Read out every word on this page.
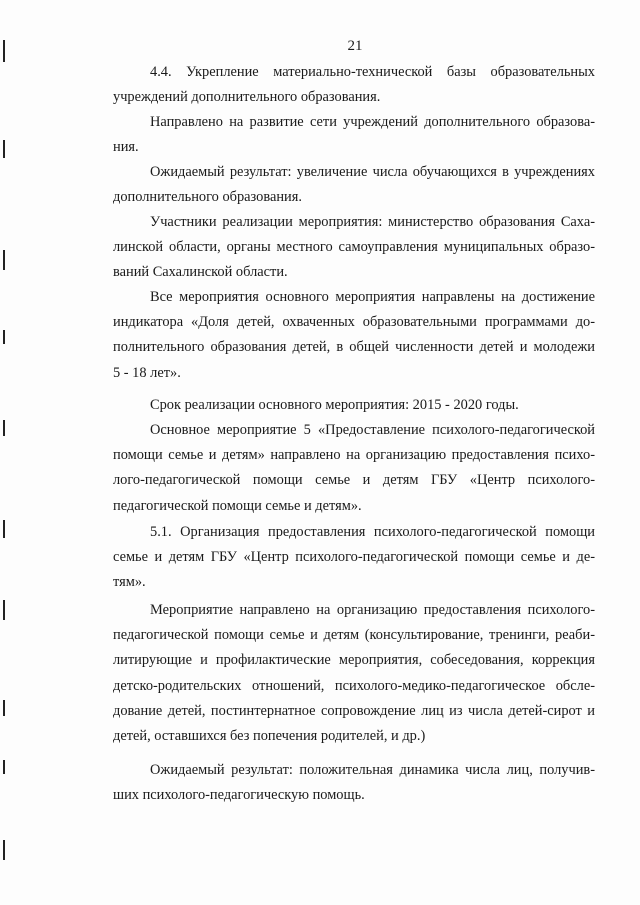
21
4.4. Укрепление материально-технической базы образовательных
учреждений дополнительного образования.
Направлено на развитие сети учреждений дополнительного образова-
ния.
Ожидаемый результат: увеличение числа обучающихся в учреждениях
дополнительного образования.
Участники реализации мероприятия: министерство образования Саха-
линской области, органы местного самоуправления муниципальных образо-
ваний Сахалинской области.
Все мероприятия основного мероприятия направлены на достижение
индикатора «Доля детей, охваченных образовательными программами до-
полнительного образования детей, в общей численности детей и молодежи
5 - 18 лет».
Срок реализации основного мероприятия: 2015 - 2020 годы.
Основное мероприятие 5 «Предоставление психолого-педагогической
помощи семье и детям» направлено на организацию предоставления психо-
лого-педагогической помощи семье и детям ГБУ «Центр психолого-
педагогической помощи семье и детям».
5.1. Организация предоставления психолого-педагогической помощи
семье и детям ГБУ «Центр психолого-педагогической помощи семье и де-
тям».
Мероприятие направлено на организацию предоставления психолого-
педагогической помощи семье и детям (консультирование, тренинги, реаби-
литирующие и профилактические мероприятия, собеседования, коррекция
детско-родительских отношений, психолого-медико-педагогическое обсле-
дование детей, постинтернатное сопровождение лиц из числа детей-сирот и
детей, оставшихся без попечения родителей, и др.)
Ожидаемый результат: положительная динамика числа лиц, получив-
ших психолого-педагогическую помощь.
